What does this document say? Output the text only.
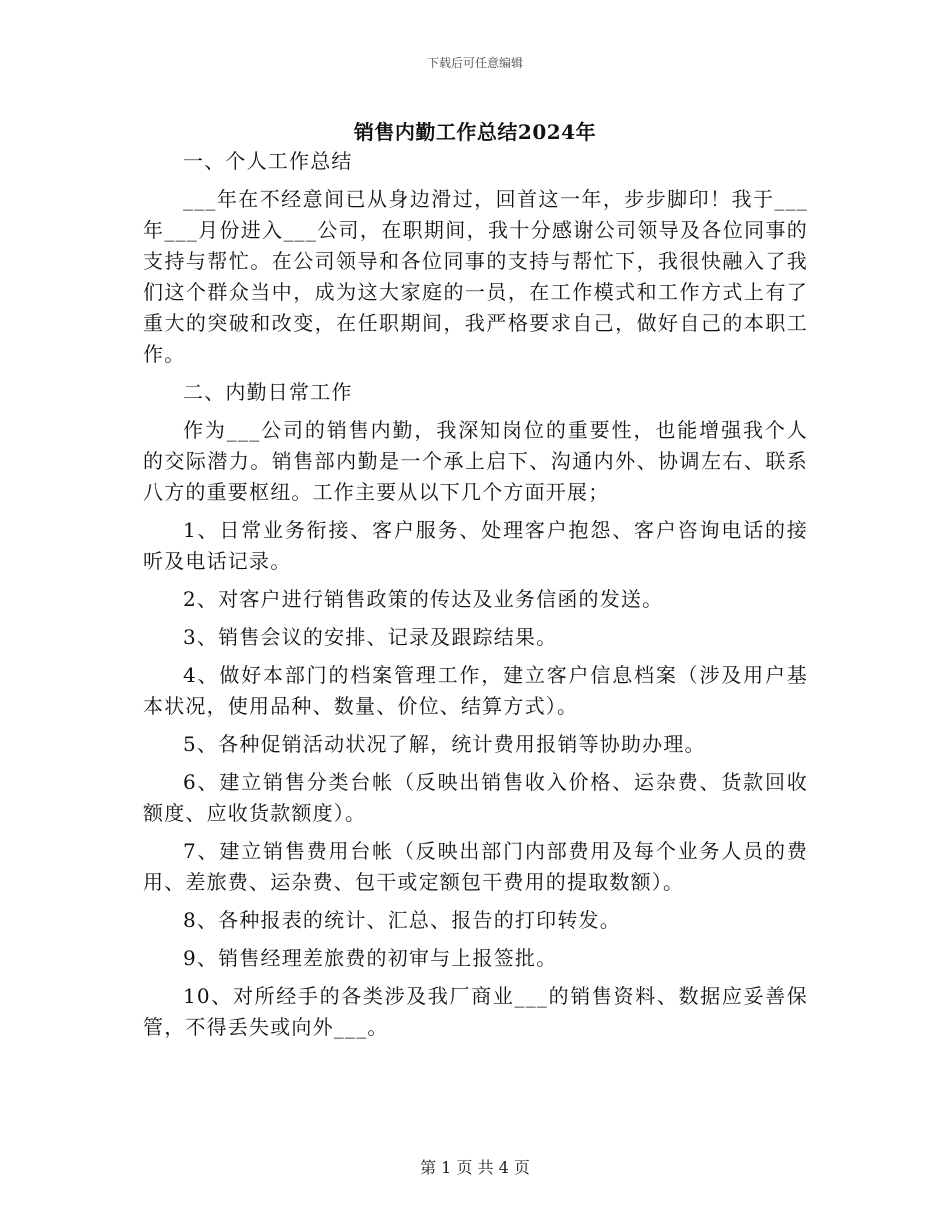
下载后可任意编辑
销售内勤工作总结2024年

一、个人工作总结

___年在不经意间已从身边滑过，回首这一年，步步脚印！我于___年___月份进入___公司，在职期间，我十分感谢公司领导及各位同事的支持与帮忙。在公司领导和各位同事的支持与帮忙下，我很快融入了我们这个群众当中，成为这大家庭的一员，在工作模式和工作方式上有了重大的突破和改变，在任职期间，我严格要求自己，做好自己的本职工作。

二、内勤日常工作

作为___公司的销售内勤，我深知岗位的重要性，也能增强我个人的交际潜力。销售部内勤是一个承上启下、沟通内外、协调左右、联系八方的重要枢纽。工作主要从以下几个方面开展；

1、日常业务衔接、客户服务、处理客户抱怨、客户咨询电话的接听及电话记录。

2、对客户进行销售政策的传达及业务信函的发送。

3、销售会议的安排、记录及跟踪结果。

4、做好本部门的档案管理工作，建立客户信息档案（涉及用户基本状况，使用品种、数量、价位、结算方式）。

5、各种促销活动状况了解，统计费用报销等协助办理。

6、建立销售分类台帐（反映出销售收入价格、运杂费、货款回收额度、应收货款额度）。

7、建立销售费用台帐（反映出部门内部费用及每个业务人员的费用、差旅费、运杂费、包干或定额包干费用的提取数额）。

8、各种报表的统计、汇总、报告的打印转发。

9、销售经理差旅费的初审与上报签批。

10、对所经手的各类涉及我厂商业___的销售资料、数据应妥善保管，不得丢失或向外___。

第 1 页 共 4 页
